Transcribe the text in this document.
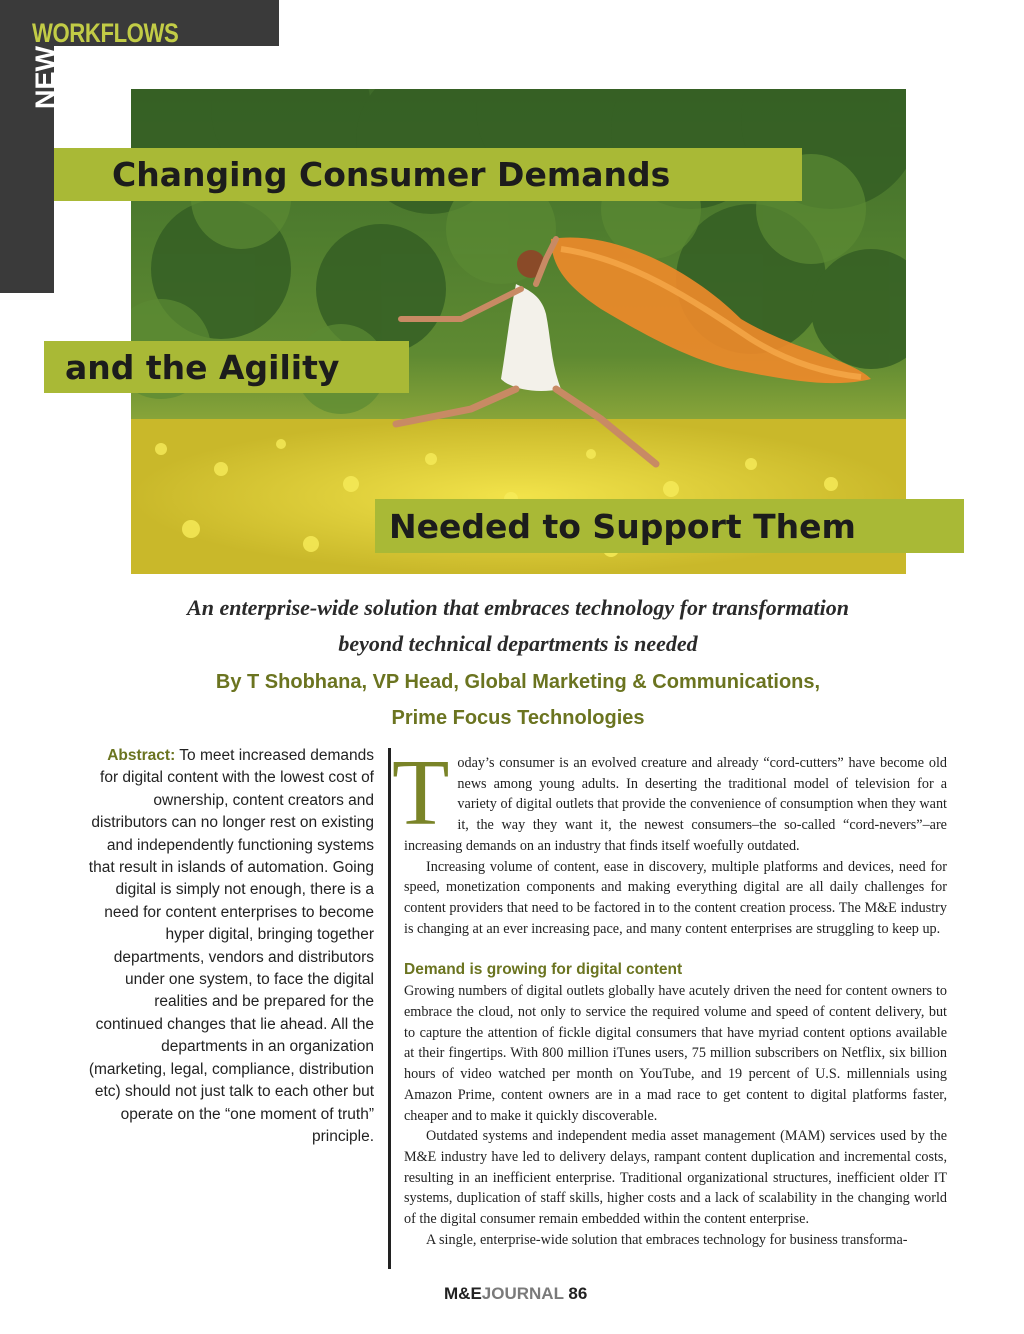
WORKFLOWS
NEW
Changing Consumer Demands
and the Agility
Needed to Support Them
An enterprise-wide solution that embraces technology for transformation
beyond technical departments is needed
By T Shobhana, VP Head, Global Marketing & Communications,
Prime Focus Technologies
Abstract: To meet increased demands for digital content with the lowest cost of ownership, content creators and distributors can no longer rest on existing and independently functioning systems that result in islands of automation. Going digital is simply not enough, there is a need for content enterprises to become hyper digital, bringing together departments, vendors and distributors under one system, to face the digital realities and be prepared for the continued changes that lie ahead. All the departments in an organization (marketing, legal, compliance, distribution etc) should not just talk to each other but operate on the “one moment of truth” principle.

Today’s consumer is an evolved creature and already “cord-cutters” have become old news among young adults. In deserting the traditional model of television for a variety of digital outlets that provide the convenience of consumption when they want it, the way they want it, the newest consumers–the so-called “cord-nevers”–are increasing demands on an industry that finds itself woefully outdated.

Increasing volume of content, ease in discovery, multiple platforms and devices, need for speed, monetization components and making everything digital are all daily challenges for content providers that need to be factored in to the content creation process. The M&E industry is changing at an ever increasing pace, and many content enterprises are struggling to keep up.

Demand is growing for digital content

Growing numbers of digital outlets globally have acutely driven the need for content owners to embrace the cloud, not only to service the required volume and speed of content delivery, but to capture the attention of fickle digital consumers that have myriad content options available at their fingertips. With 800 million iTunes users, 75 million subscribers on Netflix, six billion hours of video watched per month on YouTube, and 19 percent of U.S. millennials using Amazon Prime, content owners are in a mad race to get content to digital platforms faster, cheaper and to make it quickly discoverable.

Outdated systems and independent media asset management (MAM) services used by the M&E industry have led to delivery delays, rampant content duplication and incremental costs, resulting in an inefficient enterprise. Traditional organizational structures, inefficient older IT systems, duplication of staff skills, higher costs and a lack of scalability in the changing world of the digital consumer remain embedded within the content enterprise.

A single, enterprise-wide solution that embraces technology for business transforma-

M&EJOURNAL 86
